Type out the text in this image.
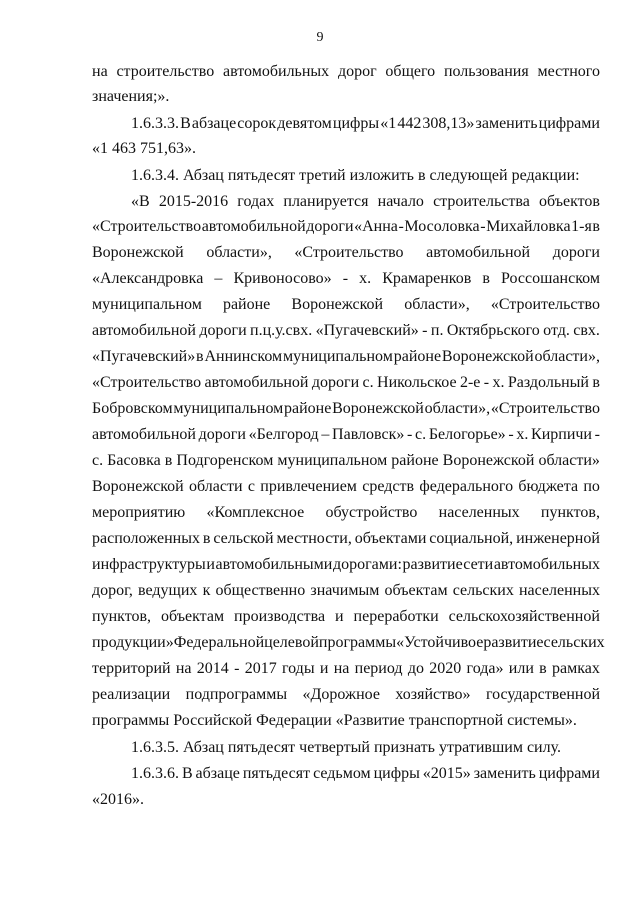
9
на строительство автомобильных дорог общего пользования местного
значения;».
1.6.3.3. В абзаце сорок девятом цифры «1 442 308,13» заменить цифрами
«1 463 751,63».
1.6.3.4. Абзац пятьдесят третий изложить в следующей редакции:
«В 2015-2016 годах планируется начало строительства объектов
«Строительство автомобильной дороги «Анна - Мосоловка - Михайловка 1-я в
Воронежской области», «Строительство автомобильной дороги
«Александровка – Кривоносово» - х. Крамаренков в Россошанском
муниципальном районе Воронежской области», «Строительство
автомобильной дороги п.ц.у.свх. «Пугачевский» - п. Октябрьского отд. свх.
«Пугачевский» в Аннинском муниципальном районе Воронежской области»,
«Строительство автомобильной дороги с. Никольское 2-е - х. Раздольный в
Бобровском муниципальном районе Воронежской области», «Строительство
автомобильной дороги «Белгород – Павловск» - с. Белогорье» - х. Кирпичи -
с. Басовка в Подгоренском муниципальном районе Воронежской области»
Воронежской области с привлечением средств федерального бюджета по
мероприятию «Комплексное обустройство населенных пунктов,
расположенных в сельской местности, объектами социальной, инженерной
инфраструктуры и автомобильными дорогами: развитие сети автомобильных
дорог, ведущих к общественно значимым объектам сельских населенных
пунктов, объектам производства и переработки сельскохозяйственной
продукции» Федеральной целевой программы «Устойчивое развитие сельских
территорий на 2014 - 2017 годы и на период до 2020 года» или в рамках
реализации подпрограммы «Дорожное хозяйство» государственной
программы Российской Федерации «Развитие транспортной системы».
1.6.3.5. Абзац пятьдесят четвертый признать утратившим силу.
1.6.3.6. В абзаце пятьдесят седьмом цифры «2015» заменить цифрами
«2016».
